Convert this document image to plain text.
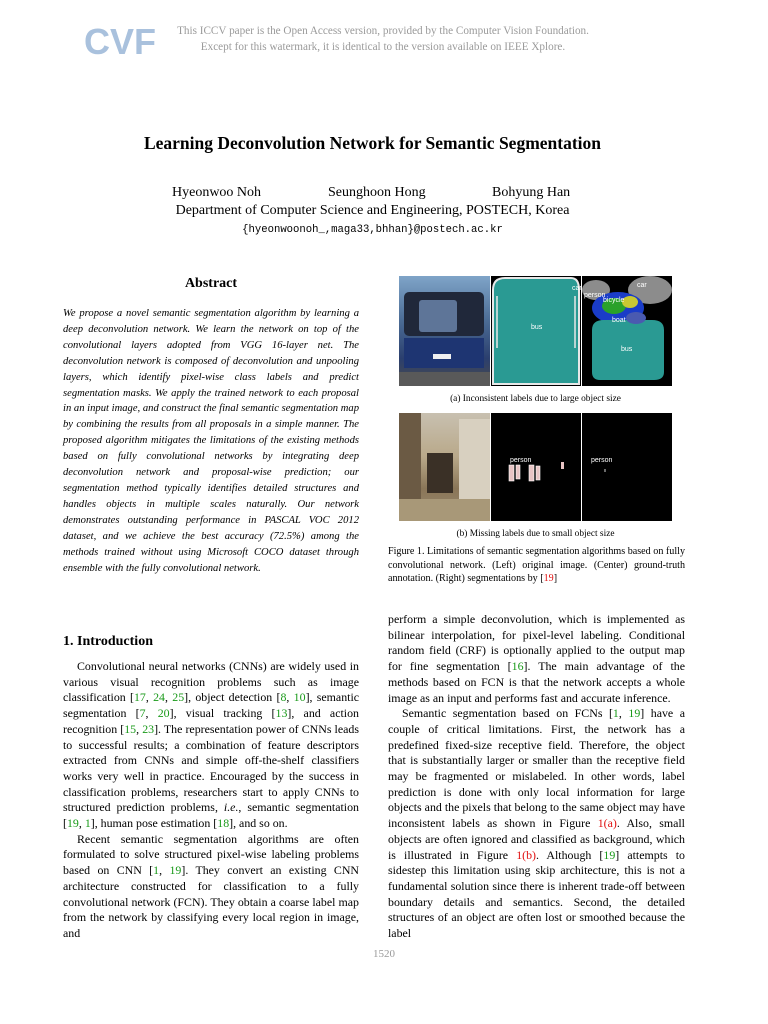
CVF	This ICCV paper is the Open Access version, provided by the Computer Vision Foundation.
Except for this watermark, it is identical to the version available on IEEE Xplore.
Learning Deconvolution Network for Semantic Segmentation
Hyeonwoo Noh	Seunghoon Hong	Bohyung Han
Department of Computer Science and Engineering, POSTECH, Korea
{hyeonwoonoh_,maga33,bhhan}@postech.ac.kr
Abstract
We propose a novel semantic segmentation algorithm by learning a deep deconvolution network. We learn the network on top of the convolutional layers adopted from VGG 16-layer net. The deconvolution network is composed of deconvolution and unpooling layers, which identify pixel-wise class labels and predict segmentation masks. We apply the trained network to each proposal in an input image, and construct the final semantic segmentation map by combining the results from all proposals in a simple manner. The proposed algorithm mitigates the limitations of the existing methods based on fully convolutional networks by integrating deep deconvolution network and proposal-wise prediction; our segmentation method typically identifies detailed structures and handles objects in multiple scales naturally. Our network demonstrates outstanding performance in PASCAL VOC 2012 dataset, and we achieve the best accuracy (72.5%) among the methods trained without using Microsoft COCO dataset through ensemble with the fully convolutional network.
1. Introduction

Convolutional neural networks (CNNs) are widely used in various visual recognition problems such as image classification [17, 24, 25], object detection [8, 10], semantic segmentation [7, 20], visual tracking [13], and action recognition [15, 23]. The representation power of CNNs leads to successful results; a combination of feature descriptors extracted from CNNs and simple off-the-shelf classifiers works very well in practice. Encouraged by the success in classification problems, researchers start to apply CNNs to structured prediction problems, i.e., semantic segmentation [19, 1], human pose estimation [18], and so on.

Recent semantic segmentation algorithms are often formulated to solve structured pixel-wise labeling problems based on CNN [1, 19]. They convert an existing CNN architecture constructed for classification to a fully convolutional network (FCN). They obtain a coarse label map from the network by classifying every local region in image, and

bus
car	car
person
bicycle
boat
bus
(a) Inconsistent labels due to large object size
person	person
(b) Missing labels due to small object size
Figure 1. Limitations of semantic segmentation algorithms based on fully convolutional network. (Left) original image. (Center) ground-truth annotation. (Right) segmentations by [19]

perform a simple deconvolution, which is implemented as bilinear interpolation, for pixel-level labeling. Conditional random field (CRF) is optionally applied to the output map for fine segmentation [16]. The main advantage of the methods based on FCN is that the network accepts a whole image as an input and performs fast and accurate inference.

Semantic segmentation based on FCNs [1, 19] have a couple of critical limitations. First, the network has a predefined fixed-size receptive field. Therefore, the object that is substantially larger or smaller than the receptive field may be fragmented or mislabeled. In other words, label prediction is done with only local information for large objects and the pixels that belong to the same object may have inconsistent labels as shown in Figure 1(a). Also, small objects are often ignored and classified as background, which is illustrated in Figure 1(b). Although [19] attempts to sidestep this limitation using skip architecture, this is not a fundamental solution since there is inherent trade-off between boundary details and semantics. Second, the detailed structures of an object are often lost or smoothed because the label

1520
